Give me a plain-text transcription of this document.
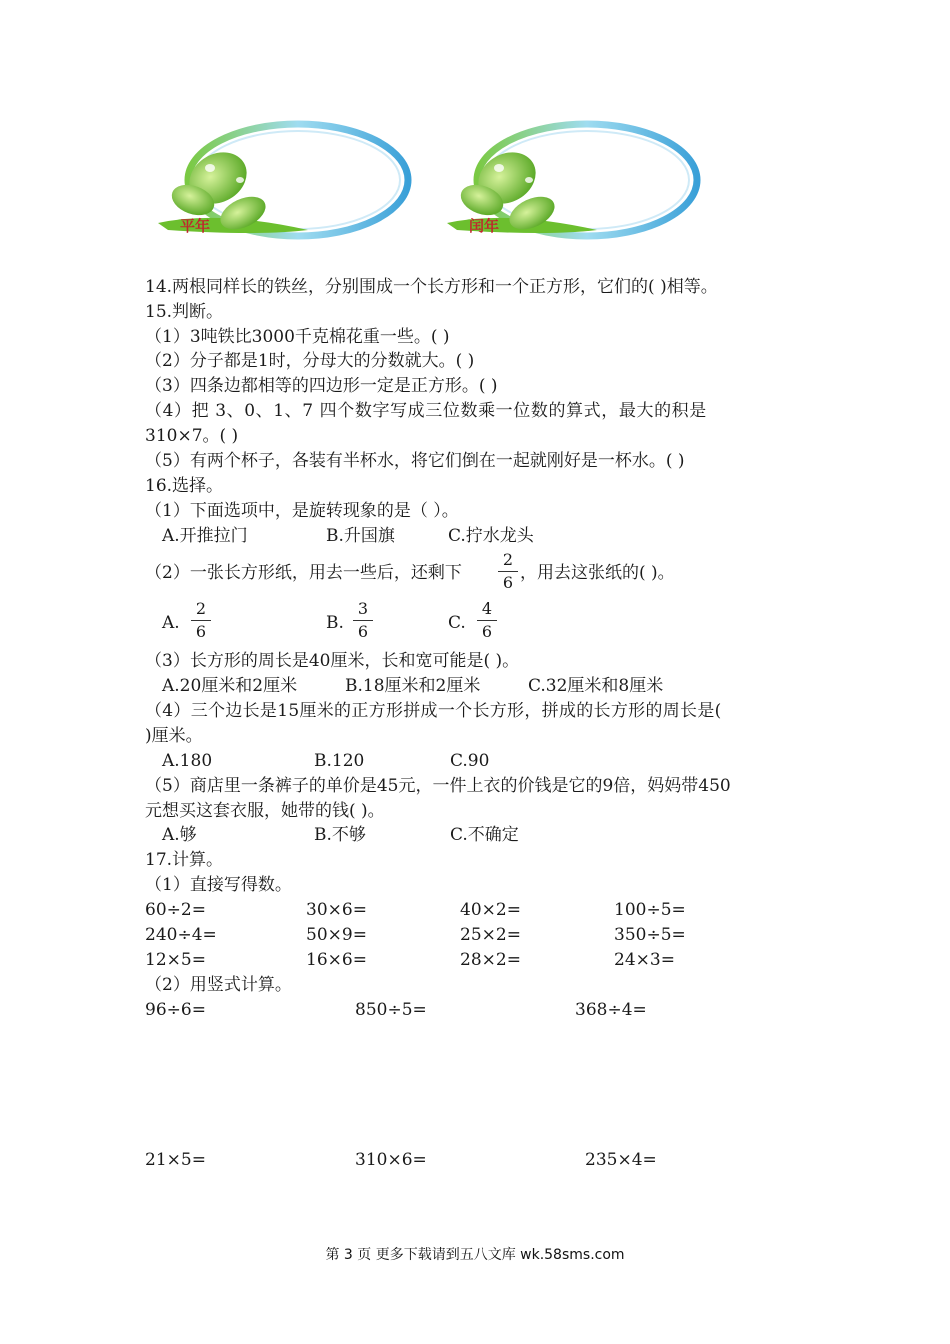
平年	闰年
14.两根同样长的铁丝，分别围成一个长方形和一个正方形，它们的( )相等。
15.判断。
（1）3吨铁比3000千克棉花重一些。( )
（2）分子都是1时，分母大的分数就大。( )
（3）四条边都相等的四边形一定是正方形。( )
（4）把 3、0、1、7 四个数字写成三位数乘一位数的算式，最大的积是
310×7。( )
（5）有两个杯子，各装有半杯水，将它们倒在一起就刚好是一杯水。( )
16.选择。
（1）下面选项中，是旋转现象的是（ ）。
A.开推拉门	B.升国旗	C.拧水龙头
（2）一张长方形纸，用去一些后，还剩下
2
6 ，用去这张纸的( )。
A.
2
6	B.
3
6	C.
4
6
（3）长方形的周长是40厘米，长和宽可能是( )。
A.20厘米和2厘米	B.18厘米和2厘米	C.32厘米和8厘米
（4）三个边长是15厘米的正方形拼成一个长方形，拼成的长方形的周长是(
)厘米。
A.180	B.120	C.90
（5）商店里一条裤子的单价是45元，一件上衣的价钱是它的9倍，妈妈带450
元想买这套衣服，她带的钱( )。
A.够	B.不够	C.不确定
17.计算。
（1）直接写得数。
60÷2=	30×6=	40×2=	100÷5=
240÷4=	50×9=	25×2=	350÷5=
12×5=	16×6=	28×2=	24×3=
（2）用竖式计算。
96÷6=	850÷5=	368÷4=
21×5=	310×6=	235×4=
第 3 页 更多下载请到五八文库 wk.58sms.com
